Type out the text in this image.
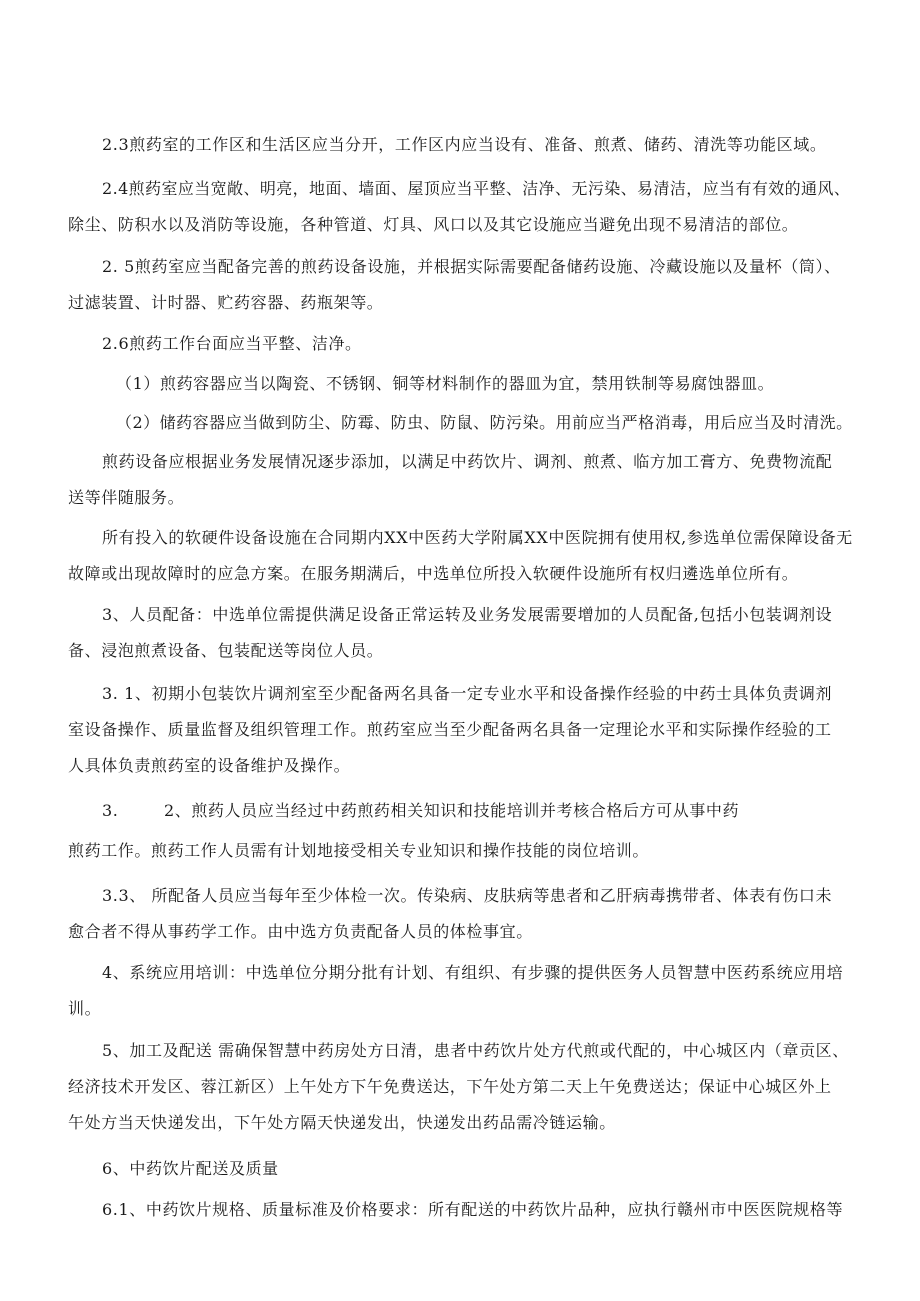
2.3煎药室的工作区和生活区应当分开，工作区内应当设有、准备、煎煮、储药、清洗等功能区域。

2.4煎药室应当宽敞、明亮，地面、墙面、屋顶应当平整、洁净、无污染、易清洁，应当有有效的通风、
除尘、防积水以及消防等设施，各种管道、灯具、风口以及其它设施应当避免出现不易清洁的部位。

2. 5煎药室应当配备完善的煎药设备设施，并根据实际需要配备储药设施、冷藏设施以及量杯（筒）、
过滤装置、计时器、贮药容器、药瓶架等。

2.6煎药工作台面应当平整、洁净。

（1）煎药容器应当以陶瓷、不锈钢、铜等材料制作的器皿为宜，禁用铁制等易腐蚀器皿。

（2）储药容器应当做到防尘、防霉、防虫、防鼠、防污染。用前应当严格消毒，用后应当及时清洗。

煎药设备应根据业务发展情况逐步添加，以满足中药饮片、调剂、煎煮、临方加工膏方、免费物流配
送等伴随服务。

所有投入的软硬件设备设施在合同期内XX中医药大学附属XX中医院拥有使用权,参选单位需保障设备无
故障或出现故障时的应急方案。在服务期满后，中选单位所投入软硬件设施所有权归遴选单位所有。

3、人员配备：中选单位需提供满足设备正常运转及业务发展需要增加的人员配备,包括小包装调剂设
备、浸泡煎煮设备、包装配送等岗位人员。

3. 1、初期小包装饮片调剂室至少配备两名具备一定专业水平和设备操作经验的中药士具体负责调剂
室设备操作、质量监督及组织管理工作。煎药室应当至少配备两名具备一定理论水平和实际操作经验的工
人具体负责煎药室的设备维护及操作。

3.        2、煎药人员应当经过中药煎药相关知识和技能培训并考核合格后方可从事中药
煎药工作。煎药工作人员需有计划地接受相关专业知识和操作技能的岗位培训。

3.3、 所配备人员应当每年至少体检一次。传染病、皮肤病等患者和乙肝病毒携带者、体表有伤口未
愈合者不得从事药学工作。由中选方负责配备人员的体检事宜。

4、系统应用培训：中选单位分期分批有计划、有组织、有步骤的提供医务人员智慧中医药系统应用培
训。

5、加工及配送 需确保智慧中药房处方日清，患者中药饮片处方代煎或代配的，中心城区内（章贡区、
经济技术开发区、蓉江新区）上午处方下午免费送达，下午处方第二天上午免费送达；保证中心城区外上
午处方当天快递发出，下午处方隔天快递发出，快递发出药品需冷链运输。

6、中药饮片配送及质量

6.1、中药饮片规格、质量标准及价格要求：所有配送的中药饮片品种，应执行赣州市中医医院规格等
